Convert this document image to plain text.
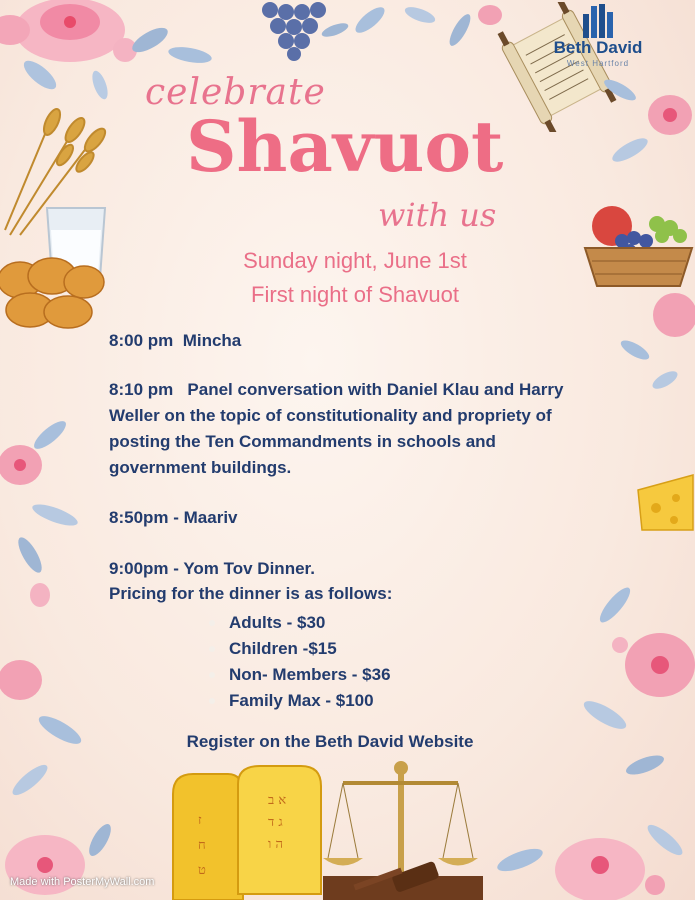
א ב
ג ד
ה ו
ז
ח
ט
Beth David
West Hartford
celebrate
Shavuot
with us
Sunday night, June 1st
First night of Shavuot
8:00 pm  Mincha
8:10 pm   Panel conversation with Daniel Klau and Harry Weller on the topic of constitutionality and propriety of posting the Ten Commandments in schools and government buildings.
8:50pm - Maariv
9:00pm - Yom Tov Dinner.
Pricing for the dinner is as follows:
Adults - $30
Children -$15
Non- Members - $36
Family Max - $100
Register on the Beth David Website
Made with PosterMyWall.com
